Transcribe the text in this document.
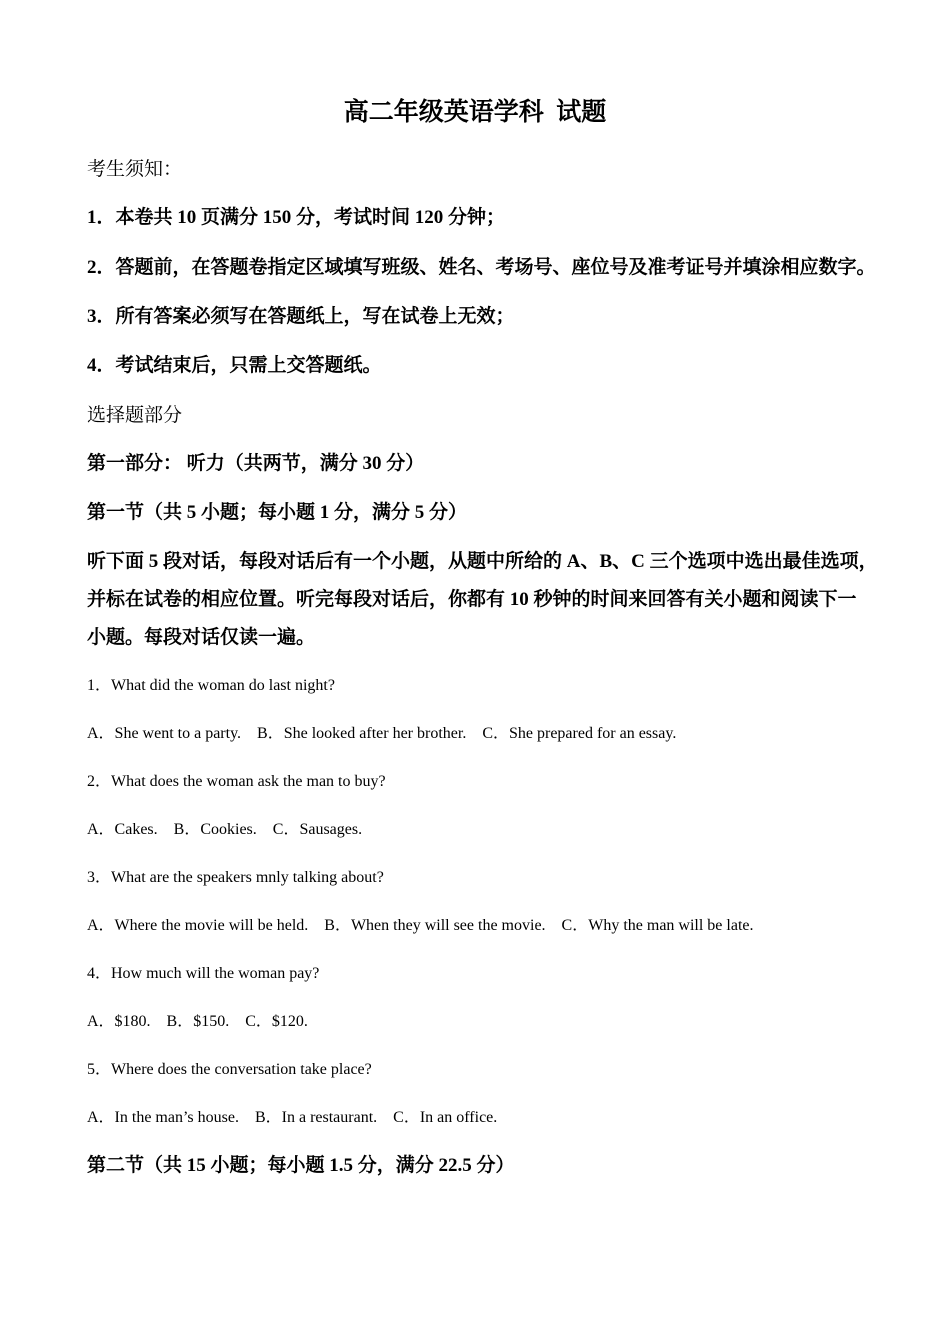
高二年级英语学科  试题
考生须知：
1．本卷共 10 页满分 150 分，考试时间 120 分钟；
2．答题前，在答题卷指定区域填写班级、姓名、考场号、座位号及准考证号并填涂相应数字。
3．所有答案必须写在答题纸上，写在试卷上无效；
4．考试结束后，只需上交答题纸。
选择题部分
第一部分： 听力（共两节，满分 30 分）
第一节（共 5 小题；每小题 1 分，满分 5 分）
听下面 5 段对话，每段对话后有一个小题，从题中所给的 A、B、C 三个选项中选出最佳选项，
并标在试卷的相应位置。听完每段对话后，你都有 10 秒钟的时间来回答有关小题和阅读下一
小题。每段对话仅读一遍。
1．What did the woman do last night?
A．She went to a party.    B．She looked after her brother.    C．She prepared for an essay.
2．What does the woman ask the man to buy?
A．Cakes.    B．Cookies.    C．Sausages.
3．What are the speakers mnly talking about?
A．Where the movie will be held.    B．When they will see the movie.    C．Why the man will be late.
4．How much will the woman pay?
A．$180.    B．$150.    C．$120.
5．Where does the conversation take place?
A．In the man’s house.    B．In a restaurant.    C．In an office.
第二节（共 15 小题；每小题 1.5 分，满分 22.5 分）
